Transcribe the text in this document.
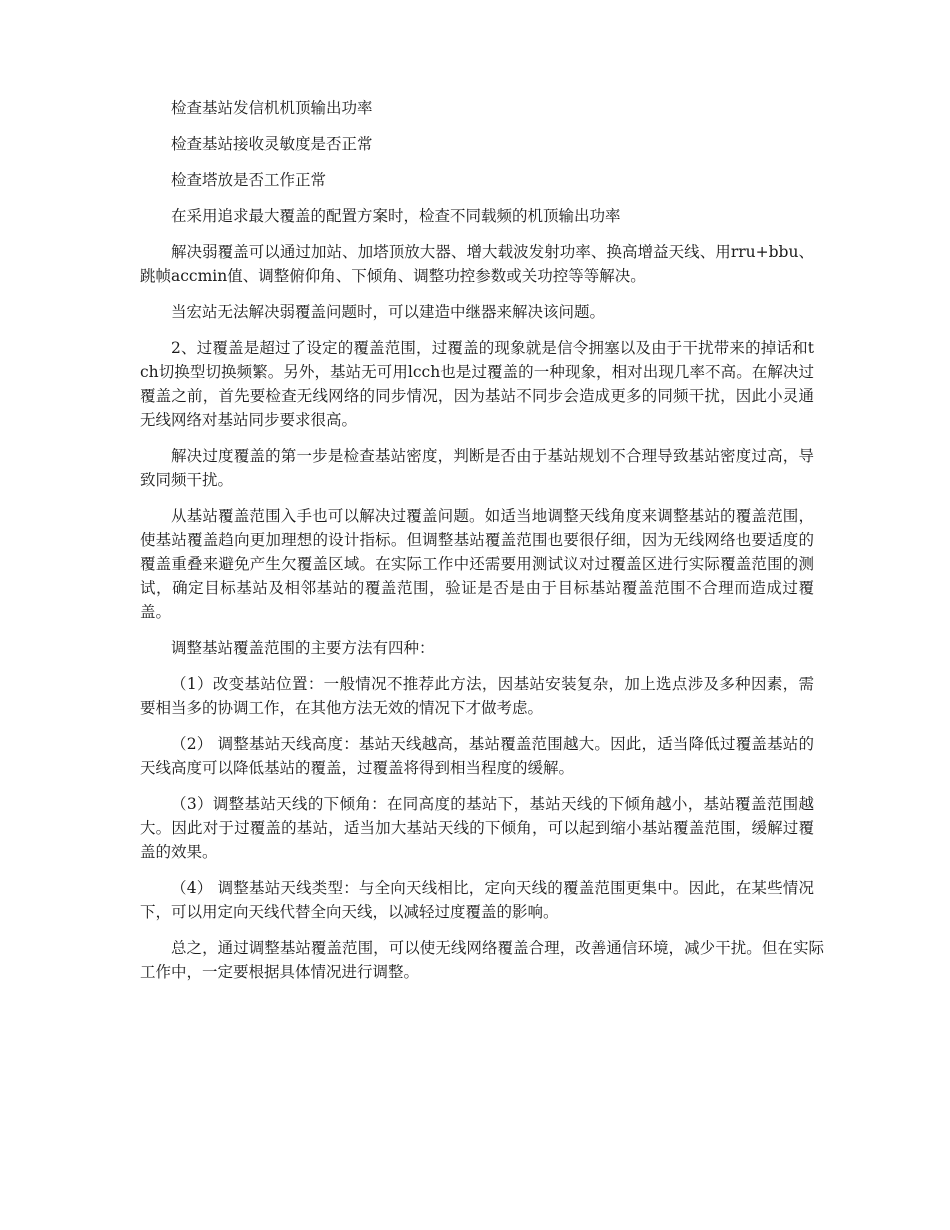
检查基站发信机机顶输出功率

检查基站接收灵敏度是否正常

检查塔放是否工作正常

在采用追求最大覆盖的配置方案时，检查不同载频的机顶输出功率

解决弱覆盖可以通过加站、加塔顶放大器、增大载波发射功率、换高增益天线、用rru+bbu、跳帧accmin值、调整俯仰角、下倾角、调整功控参数或关功控等等解决。

当宏站无法解决弱覆盖问题时，可以建造中继器来解决该问题。

2、过覆盖是超过了设定的覆盖范围，过覆盖的现象就是信令拥塞以及由于干扰带来的掉话和tch切换型切换频繁。另外，基站无可用lcch也是过覆盖的一种现象，相对出现几率不高。在解决过覆盖之前，首先要检查无线网络的同步情况，因为基站不同步会造成更多的同频干扰，因此小灵通无线网络对基站同步要求很高。

解决过度覆盖的第一步是检查基站密度，判断是否由于基站规划不合理导致基站密度过高，导致同频干扰。

从基站覆盖范围入手也可以解决过覆盖问题。如适当地调整天线角度来调整基站的覆盖范围，使基站覆盖趋向更加理想的设计指标。但调整基站覆盖范围也要很仔细，因为无线网络也要适度的覆盖重叠来避免产生欠覆盖区域。在实际工作中还需要用测试议对过覆盖区进行实际覆盖范围的测试，确定目标基站及相邻基站的覆盖范围，验证是否是由于目标基站覆盖范围不合理而造成过覆盖。

调整基站覆盖范围的主要方法有四种：

（1）改变基站位置：一般情况不推荐此方法，因基站安装复杂，加上选点涉及多种因素，需要相当多的协调工作，在其他方法无效的情况下才做考虑。

（2） 调整基站天线高度：基站天线越高，基站覆盖范围越大。因此，适当降低过覆盖基站的天线高度可以降低基站的覆盖，过覆盖将得到相当程度的缓解。

（3）调整基站天线的下倾角：在同高度的基站下，基站天线的下倾角越小，基站覆盖范围越大。因此对于过覆盖的基站，适当加大基站天线的下倾角，可以起到缩小基站覆盖范围，缓解过覆盖的效果。

（4） 调整基站天线类型：与全向天线相比，定向天线的覆盖范围更集中。因此，在某些情况下，可以用定向天线代替全向天线，以减轻过度覆盖的影响。

总之，通过调整基站覆盖范围，可以使无线网络覆盖合理，改善通信环境，减少干扰。但在实际工作中，一定要根据具体情况进行调整。
